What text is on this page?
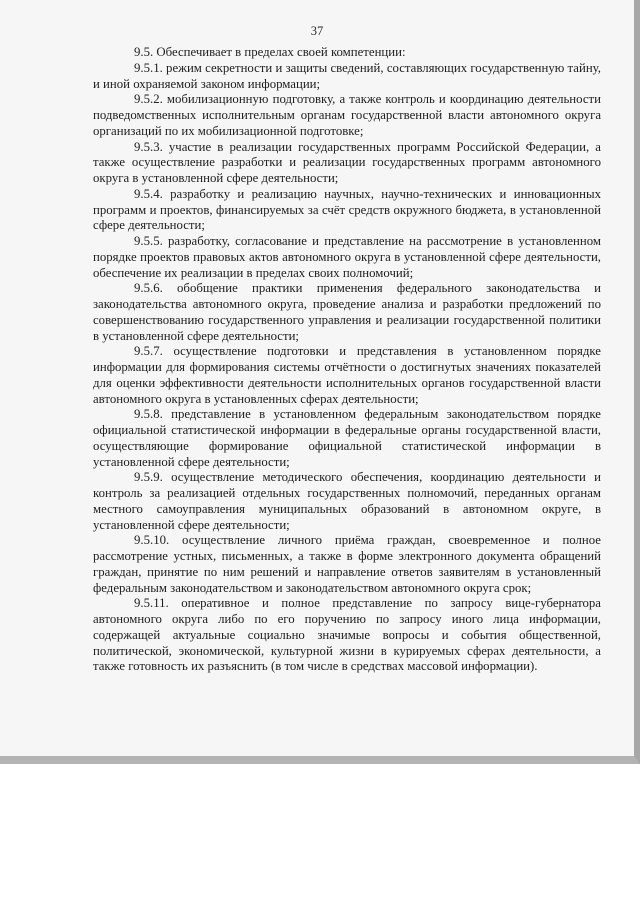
37

9.5. Обеспечивает в пределах своей компетенции:

9.5.1. режим секретности и защиты сведений, составляющих государственную тайну, и иной охраняемой законом информации;

9.5.2. мобилизационную подготовку, а также контроль и координацию деятельности подведомственных исполнительным органам государственной власти автономного округа организаций по их мобилизационной подготовке;

9.5.3. участие в реализации государственных программ Российской Федерации, а также осуществление разработки и реализации государственных программ автономного округа в установленной сфере деятельности;

9.5.4. разработку и реализацию научных, научно-технических и инновационных программ и проектов, финансируемых за счёт средств окружного бюджета, в установленной сфере деятельности;

9.5.5. разработку, согласование и представление на рассмотрение в установленном порядке проектов правовых актов автономного округа в установленной сфере деятельности, обеспечение их реализации в пределах своих полномочий;

9.5.6. обобщение практики применения федерального законодательства и законодательства автономного округа, проведение анализа и разработки предложений по совершенствованию государственного управления и реализации государственной политики в установленной сфере деятельности;

9.5.7. осуществление подготовки и представления в установленном порядке информации для формирования системы отчётности о достигнутых значениях показателей для оценки эффективности деятельности исполнительных органов государственной власти автономного округа в установленных сферах деятельности;

9.5.8. представление в установленном федеральным законодательством порядке официальной статистической информации в федеральные органы государственной власти, осуществляющие формирование официальной статистической информации в установленной сфере деятельности;

9.5.9. осуществление методического обеспечения, координацию деятельности и контроль за реализацией отдельных государственных полномочий, переданных органам местного самоуправления муниципальных образований в автономном округе, в установленной сфере деятельности;

9.5.10. осуществление личного приёма граждан, своевременное и полное рассмотрение устных, письменных, а также в форме электронного документа обращений граждан, принятие по ним решений и направление ответов заявителям в установленный федеральным законодательством и законодательством автономного округа срок;

9.5.11. оперативное и полное представление по запросу вице-губернатора автономного округа либо по его поручению по запросу иного лица информации, содержащей актуальные социально значимые вопросы и события общественной, политической, экономической, культурной жизни в курируемых сферах деятельности, а также готовность их разъяснить (в том числе в средствах массовой информации).
